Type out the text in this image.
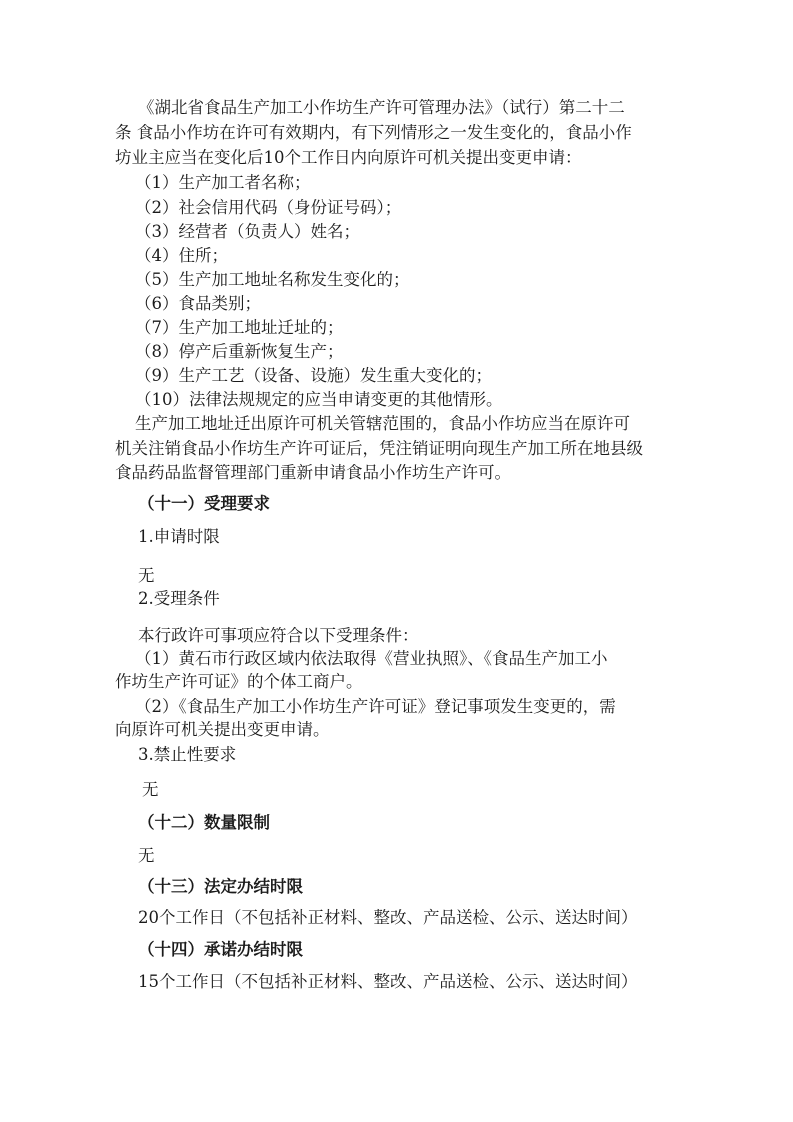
《湖北省食品生产加工小作坊生产许可管理办法》（试行）第二十二
条 食品小作坊在许可有效期内，有下列情形之一发生变化的，食品小作
坊业主应当在变化后10个工作日内向原许可机关提出变更申请：
（1）生产加工者名称；
（2）社会信用代码（身份证号码）；
（3）经营者（负责人）姓名；
（4）住所；
（5）生产加工地址名称发生变化的；
（6）食品类别；
（7）生产加工地址迁址的；
（8）停产后重新恢复生产；
（9）生产工艺（设备、设施）发生重大变化的；
（10）法律法规规定的应当申请变更的其他情形。
生产加工地址迁出原许可机关管辖范围的，食品小作坊应当在原许可
机关注销食品小作坊生产许可证后，凭注销证明向现生产加工所在地县级
食品药品监督管理部门重新申请食品小作坊生产许可。
（十一）受理要求
1.申请时限
无
2.受理条件
本行政许可事项应符合以下受理条件：
（1）黄石市行政区域内依法取得《营业执照》、《食品生产加工小
作坊生产许可证》的个体工商户。
（2）《食品生产加工小作坊生产许可证》登记事项发生变更的，需
向原许可机关提出变更申请。
3.禁止性要求
无
（十二）数量限制
无
（十三）法定办结时限
20个工作日（不包括补正材料、整改、产品送检、公示、送达时间）
（十四）承诺办结时限
15个工作日（不包括补正材料、整改、产品送检、公示、送达时间）
